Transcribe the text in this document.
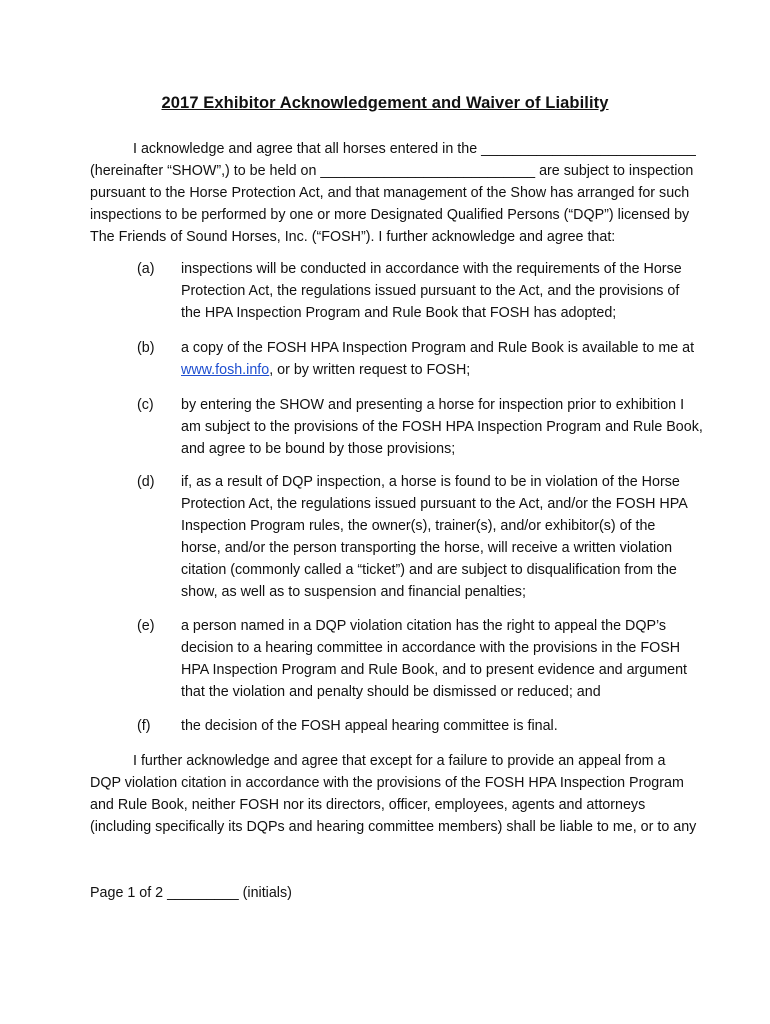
2017 Exhibitor Acknowledgement and Waiver of Liability
I acknowledge and agree that all horses entered in the ___________________________
(hereinafter “SHOW”,) to be held on ___________________________ are subject to inspection
pursuant to the Horse Protection Act, and that management of the Show has arranged for such
inspections to be performed by one or more Designated Qualified Persons (“DQP”) licensed by
The Friends of Sound Horses, Inc. (“FOSH”). I further acknowledge and agree that:
(a) inspections will be conducted in accordance with the requirements of the Horse
Protection Act, the regulations issued pursuant to the Act, and the provisions of
the HPA Inspection Program and Rule Book that FOSH has adopted;
(b) a copy of the FOSH HPA Inspection Program and Rule Book is available to me at
www.fosh.info, or by written request to FOSH;
(c) by entering the SHOW and presenting a horse for inspection prior to exhibition I
am subject to the provisions of the FOSH HPA Inspection Program and Rule Book,
and agree to be bound by those provisions;
(d) if, as a result of DQP inspection, a horse is found to be in violation of the Horse
Protection Act, the regulations issued pursuant to the Act, and/or the FOSH HPA
Inspection Program rules, the owner(s), trainer(s), and/or exhibitor(s) of the
horse, and/or the person transporting the horse, will receive a written violation
citation (commonly called a “ticket”) and are subject to disqualification from the
show, as well as to suspension and financial penalties;
(e) a person named in a DQP violation citation has the right to appeal the DQP’s
decision to a hearing committee in accordance with the provisions in the FOSH
HPA Inspection Program and Rule Book, and to present evidence and argument
that the violation and penalty should be dismissed or reduced; and
(f) the decision of the FOSH appeal hearing committee is final.
I further acknowledge and agree that except for a failure to provide an appeal from a
DQP violation citation in accordance with the provisions of the FOSH HPA Inspection Program
and Rule Book, neither FOSH nor its directors, officer, employees, agents and attorneys
(including specifically its DQPs and hearing committee members) shall be liable to me, or to any
Page 1 of 2 _________ (initials)
